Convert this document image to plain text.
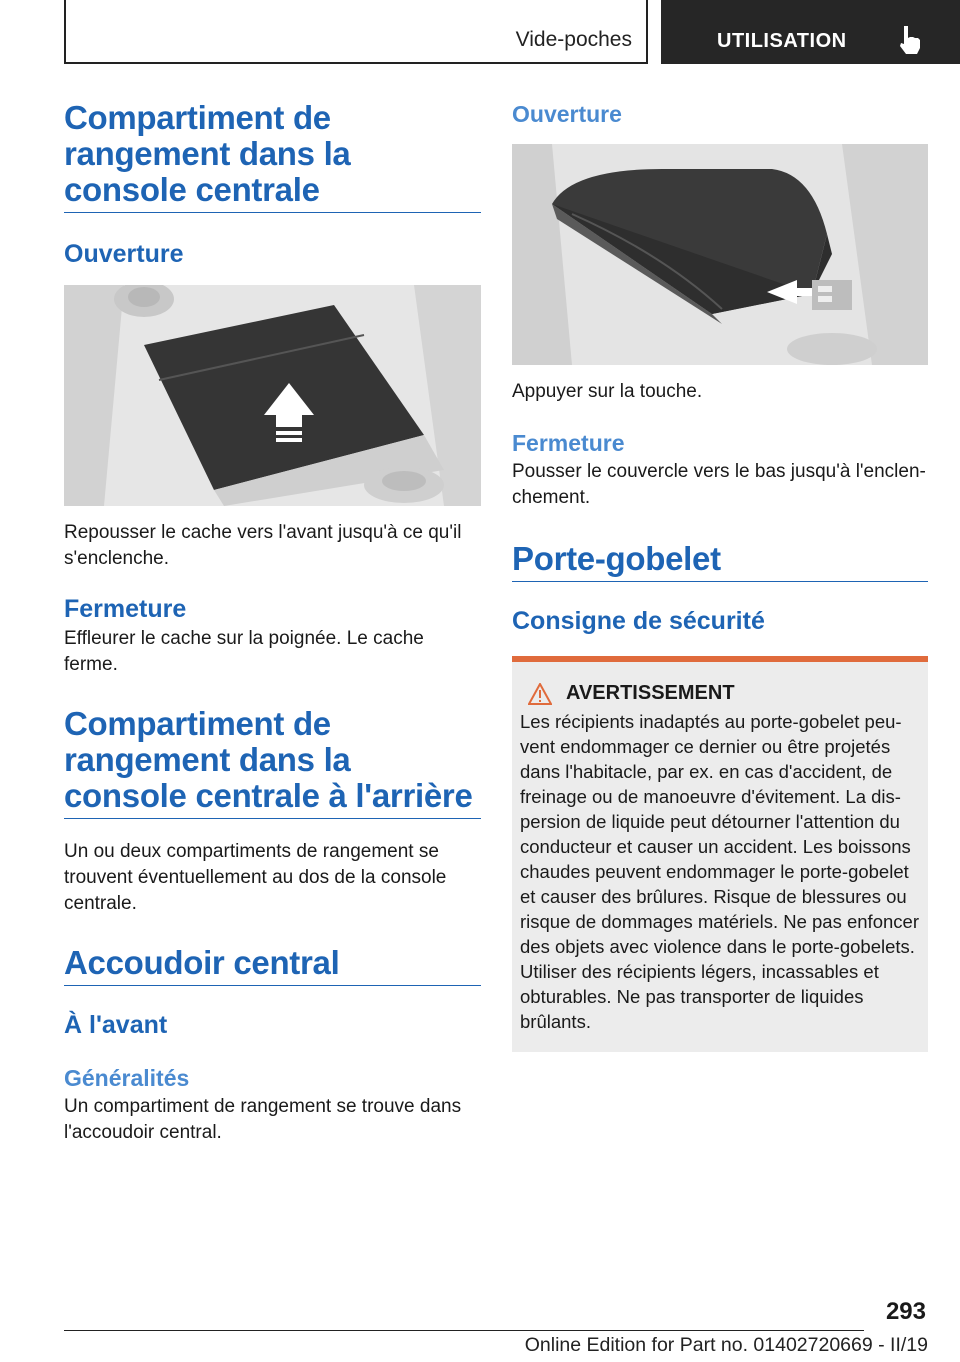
Vide-poches	UTILISATION
Compartiment de rangement dans la console centrale
Ouverture

Repousser le cache vers l'avant jusqu'à ce qu'il s'enclenche.

Fermeture

Effleurer le cache sur la poignée. Le cache ferme.

Compartiment de rangement dans la console centrale à l'arrière

Un ou deux compartiments de rangement se trouvent éventuellement au dos de la console centrale.

Accoudoir central
À l'avant
Généralités

Un compartiment de rangement se trouve dans l'accoudoir central.

Ouverture

Appuyer sur la touche.

Fermeture

Pousser le couvercle vers le bas jusqu'à l'enclenchement.

Porte-gobelet
Consigne de sécurité
AVERTISSEMENT

Les récipients inadaptés au porte-gobelet peuvent endommager ce dernier ou être projetés dans l'habitacle, par ex. en cas d'accident, de freinage ou de manoeuvre d'évitement. La dispersion de liquide peut détourner l'attention du conducteur et causer un accident. Les boissons chaudes peuvent endommager le porte-gobelet et causer des brûlures. Risque de blessures ou risque de dommages matériels. Ne pas enfoncer des objets avec violence dans le porte-gobelets. Utiliser des récipients légers, incassables et obturables. Ne pas transporter de liquides brûlants.

293
Online Edition for Part no. 01402720669 - II/19
